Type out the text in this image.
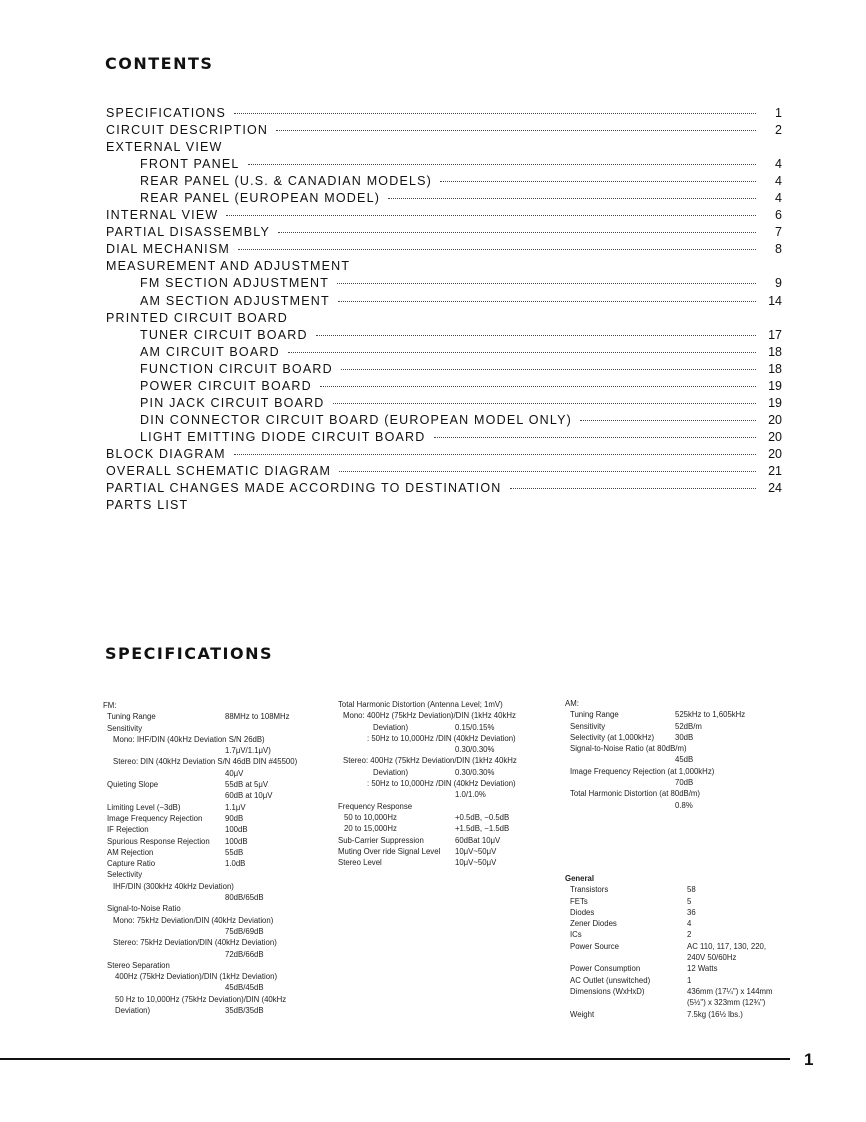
CONTENTS
SPECIFICATIONS	1
CIRCUIT DESCRIPTION	2
EXTERNAL VIEW
FRONT PANEL	4
REAR PANEL (U.S. & CANADIAN MODELS)	4
REAR PANEL (EUROPEAN MODEL)	4
INTERNAL VIEW	6
PARTIAL DISASSEMBLY	7
DIAL MECHANISM	8
MEASUREMENT AND ADJUSTMENT
FM SECTION ADJUSTMENT	9
AM SECTION ADJUSTMENT	14
PRINTED CIRCUIT BOARD
TUNER CIRCUIT BOARD	17
AM CIRCUIT BOARD	18
FUNCTION CIRCUIT BOARD	18
POWER CIRCUIT BOARD	19
PIN JACK CIRCUIT BOARD	19
DIN CONNECTOR CIRCUIT BOARD (EUROPEAN MODEL ONLY)	20
LIGHT EMITTING DIODE CIRCUIT BOARD	20
BLOCK DIAGRAM	20
OVERALL SCHEMATIC DIAGRAM	21
PARTIAL CHANGES MADE ACCORDING TO DESTINATION	24
PARTS LIST
SPECIFICATIONS
FM:
Tuning Range	88MHz to 108MHz
Sensitivity
Mono: IHF/DIN (40kHz Deviation S/N 26dB)
1.7μV/1.1μV)
Stereo: DIN (40kHz Deviation S/N 46dB DIN #45500)
40μV
Quieting Slope	55dB at 5μV
60dB at 10μV
Limiting Level (−3dB)	1.1μV
Image Frequency Rejection	90dB
IF Rejection	100dB
Spurious Response Rejection 100dB
AM Rejection	55dB
Capture Ratio	1.0dB
Selectivity
IHF/DIN (300kHz 40kHz Deviation)
80dB/65dB
Signal-to-Noise Ratio
Mono: 75kHz Deviation/DIN (40kHz Deviation)
75dB/69dB
Stereo: 75kHz Deviation/DIN (40kHz Deviation)
72dB/66dB
Stereo Separation
400Hz (75kHz Deviation)/DIN (1kHz Deviation)
45dB/45dB
50 Hz to 10,000Hz (75kHz Deviation)/DIN (40kHz
Deviation)	35dB/35dB
Total Harmonic Distortion (Antenna Level; 1mV)
Mono: 400Hz (75kHz Deviation)/DIN (1kHz 40kHz
Deviation)	0.15/0.15%
: 50Hz to 10,000Hz /DIN (40kHz Deviation)
0.30/0.30%
Stereo: 400Hz (75kHz Deviation/DIN (1kHz 40kHz
Deviation)	0.30/0.30%
: 50Hz to 10,000Hz /DIN (40kHz Deviation)
1.0/1.0%
Frequency Response
50 to 10,000Hz	+0.5dB, −0.5dB
20 to 15,000Hz	+1.5dB, −1.5dB
Sub-Carrier Suppression	60dBat 10μV
Muting Over ride Signal Level 10μV~50μV
Stereo Level	10μV~50μV
AM:
Tuning Range	525kHz to 1,605kHz
Sensitivity	52dB/m
Selectivity (at 1,000kHz)	30dB
Signal-to-Noise Ratio (at 80dB/m)
45dB
Image Frequency Rejection (at 1,000kHz)
70dB
Total Harmonic Distortion (at 80dB/m)
0.8%
General
Transistors	58
FETs	5
Diodes	36
Zener Diodes	4
ICs	2
Power Source	AC 110, 117, 130, 220,
240V 50/60Hz
Power Consumption	12 Watts
AC Outlet (unswitched)	1
Dimensions (WxHxD)	436mm (17¼") x 144mm
(5½") x 323mm (12¾")
Weight	7.5kg (16½ lbs.)
1
